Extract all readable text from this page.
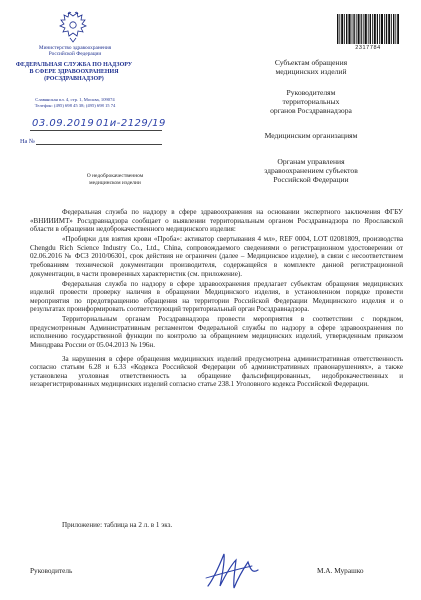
Министерство здравоохранения
Российской Федерации
ФЕДЕРАЛЬНАЯ СЛУЖБА ПО НАДЗОРУ
В СФЕРЕ ЗДРАВООХРАНЕНИЯ
(РОСЗДРАВНАДЗОР)
Славянская пл. 4, стр. 1, Москва, 109074
Телефон: (495) 698 45 38; (495) 698 15 74
03.09.2019 01и-2129/19
На №
О недоброкачественном
медицинском изделии
2317784
Субъектам обращения
медицинских изделий
Руководителям
территориальных
органов Росздравнадзора
Медицинским организациям
Органам управления
здравоохранением субъектов
Российской Федерации

Федеральная служба по надзору в сфере здравоохранения на основании экспертного заключения ФГБУ «ВНИИИМТ» Росздравнадзора сообщает о выявлении территориальным органом Росздравнадзора по Ярославской области в обращении недоброкачественного медицинского изделия:

«Пробирки для взятия крови «Проба»: активатор свертывания 4 мл», REF 0004, LOT 02081809, производства Chengdu Rich Science Industry Co., Ltd., China, сопровождаемого сведениями о регистрационном удостоверении от 02.06.2016 № ФСЗ 2010/06301, срок действия не ограничен (далее – Медицинское изделие), в связи с несоответствием требованиям технической документации производителя, содержащейся в комплекте данной регистрационной документации, в части проверенных характеристик (см. приложение).

Федеральная служба по надзору в сфере здравоохранения предлагает субъектам обращения медицинских изделий провести проверку наличия в обращении Медицинского изделия, в установленном порядке провести мероприятия по предотвращению обращения на территории Российской Федерации Медицинского изделия и о результатах проинформировать соответствующий территориальный орган Росздравнадзора.

Территориальным органам Росздравнадзора провести мероприятия в соответствии с порядком, предусмотренным Административным регламентом Федеральной службы по надзору в сфере здравоохранения по исполнению государственной функции по контролю за обращением медицинских изделий, утвержденным приказом Минздрава России от 05.04.2013 № 196н.

За нарушения в сфере обращения медицинских изделий предусмотрена административная ответственность согласно статьям 6.28 и 6.33 «Кодекса Российской Федерации об административных правонарушениях», а также установлена уголовная ответственность за обращение фальсифицированных, недоброкачественных и незарегистрированных медицинских изделий согласно статье 238.1 Уголовного кодекса Российской Федерации.

Приложение: таблица на 2 л. в 1 экз.
Руководитель	М.А. Мурашко
